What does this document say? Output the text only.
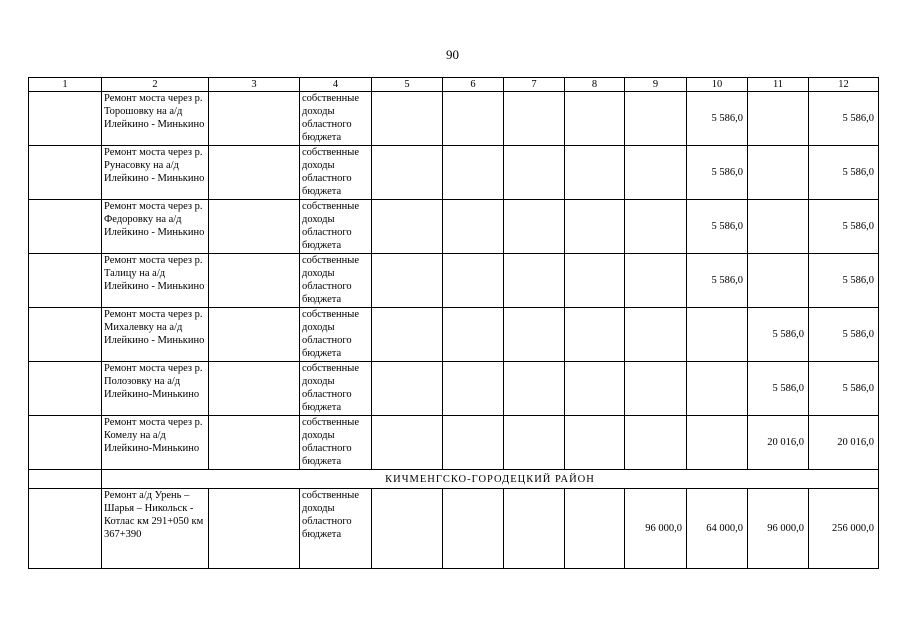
90
1	2	3	4	5	6	7	8	9	10	11	12
	Ремонт моста через р. Торошовку на а/д Илейкино - Минькино		собственные доходы областного бюджета						5 586,0		5 586,0
	Ремонт моста через р. Рунасовку на а/д Илейкино - Минькино		собственные доходы областного бюджета						5 586,0		5 586,0
	Ремонт моста через р. Федоровку на а/д Илейкино - Минькино		собственные доходы областного бюджета						5 586,0		5 586,0
	Ремонт моста через р. Талицу на а/д Илейкино - Минькино		собственные доходы областного бюджета						5 586,0		5 586,0
	Ремонт моста через р. Михалевку на а/д Илейкино - Минькино		собственные доходы областного бюджета							5 586,0	5 586,0
	Ремонт моста через р. Полозовку на а/д Илейкино-Минькино		собственные доходы областного бюджета							5 586,0	5 586,0
	Ремонт моста через р. Комелу на а/д Илейкино-Минькино		собственные доходы областного бюджета							20 016,0	20 016,0
	КИЧМЕНГСКО-ГОРОДЕЦКИЙ РАЙОН										
	Ремонт а/д Урень – Шарья – Никольск - Котлас км 291+050 км 367+390		собственные доходы областного бюджета					96 000,0	64 000,0	96 000,0	256 000,0
